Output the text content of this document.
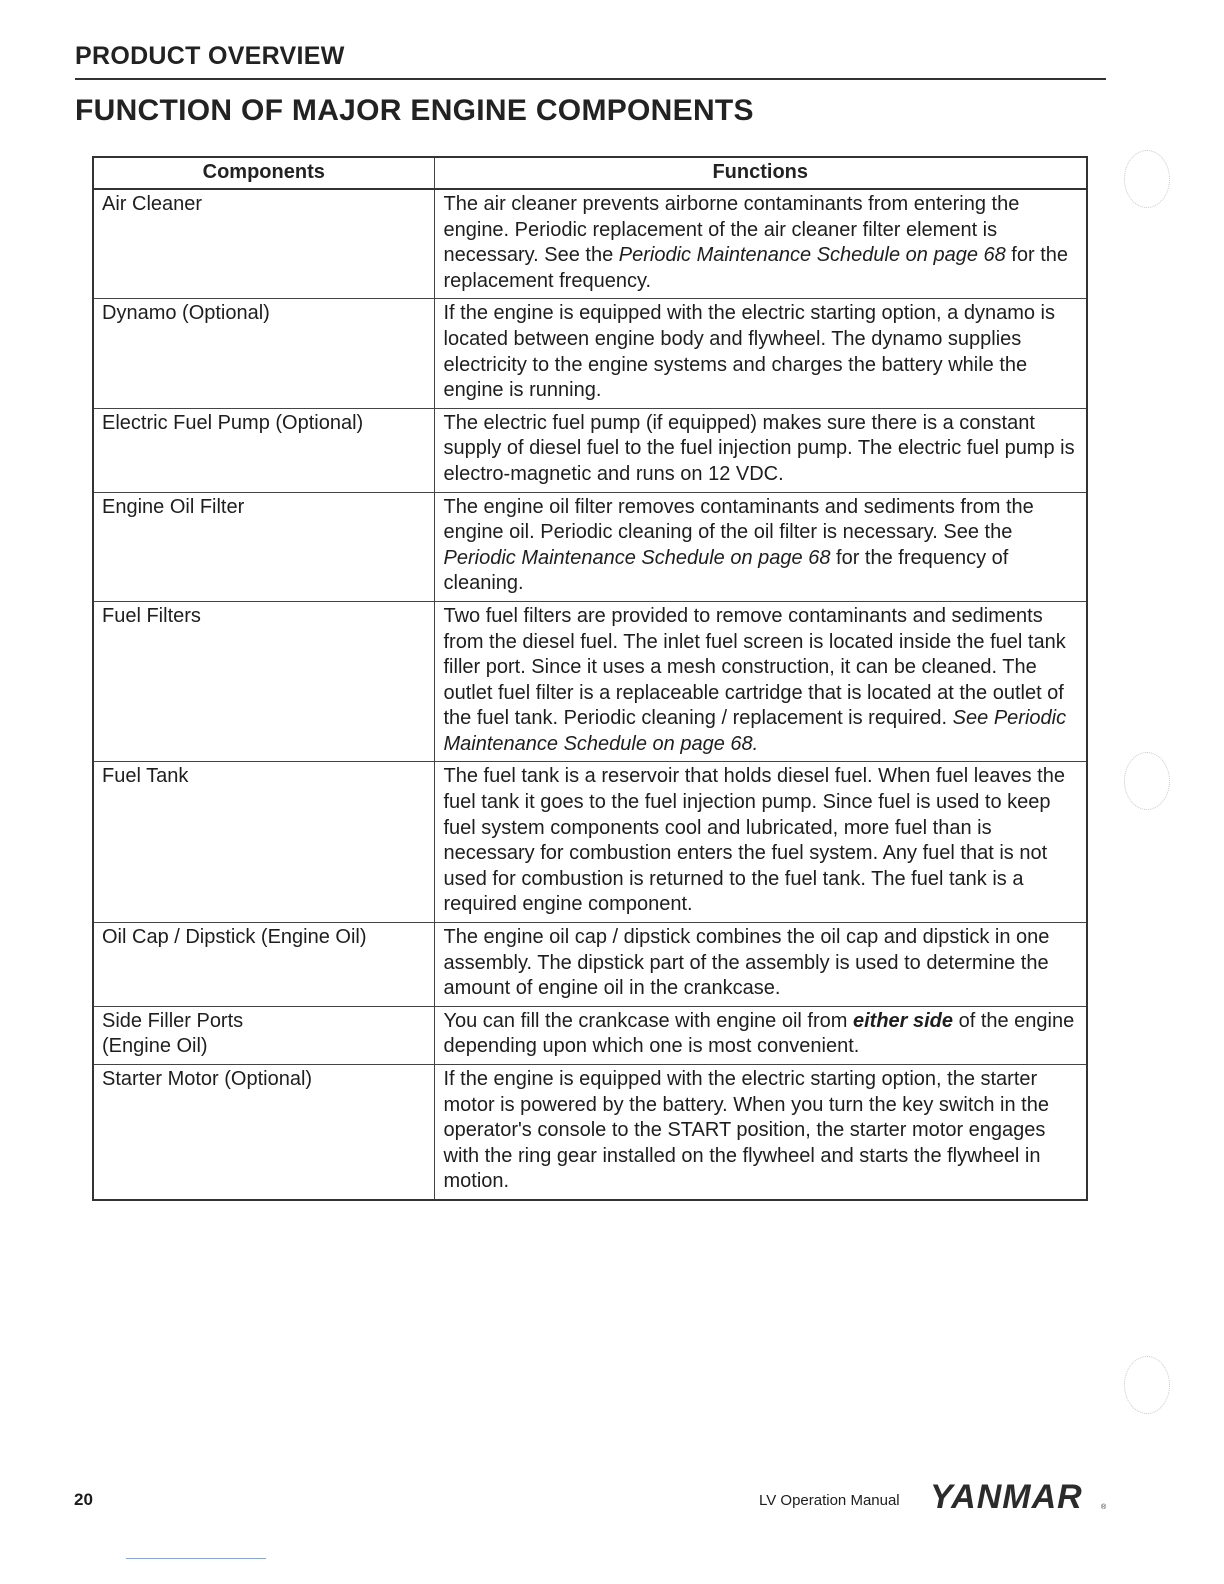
PRODUCT OVERVIEW
FUNCTION OF MAJOR ENGINE COMPONENTS
Components	Functions
Air Cleaner	The air cleaner prevents airborne contaminants from entering the engine. Periodic replacement of the air cleaner filter element is necessary. See the Periodic Maintenance Schedule on page 68 for the replacement frequency.
Dynamo (Optional)	If the engine is equipped with the electric starting option, a dynamo is located between engine body and flywheel. The dynamo supplies electricity to the engine systems and charges the battery while the engine is running.
Electric Fuel Pump (Optional)	The electric fuel pump (if equipped) makes sure there is a constant supply of diesel fuel to the fuel injection pump. The electric fuel pump is electro-magnetic and runs on 12 VDC.
Engine Oil Filter	The engine oil filter removes contaminants and sediments from the engine oil. Periodic cleaning of the oil filter is necessary. See the Periodic Maintenance Schedule on page 68 for the frequency of cleaning.
Fuel Filters	Two fuel filters are provided to remove contaminants and sediments from the diesel fuel. The inlet fuel screen is located inside the fuel tank filler port. Since it uses a mesh construction, it can be cleaned. The outlet fuel filter is a replaceable cartridge that is located at the outlet of the fuel tank. Periodic cleaning / replacement is required. See Periodic Maintenance Schedule on page 68.
Fuel Tank	The fuel tank is a reservoir that holds diesel fuel. When fuel leaves the fuel tank it goes to the fuel injection pump. Since fuel is used to keep fuel system components cool and lubricated, more fuel than is necessary for combustion enters the fuel system. Any fuel that is not used for combustion is returned to the fuel tank. The fuel tank is a required engine component.
Oil Cap / Dipstick (Engine Oil)	The engine oil cap / dipstick combines the oil cap and dipstick in one assembly. The dipstick part of the assembly is used to determine the amount of engine oil in the crankcase.
Side Filler Ports
(Engine Oil)	You can fill the crankcase with engine oil from either side of the engine depending upon which one is most convenient.
Starter Motor (Optional)	If the engine is equipped with the electric starting option, the starter motor is powered by the battery. When you turn the key switch in the operator's console to the START position, the starter motor engages with the ring gear installed on the flywheel and starts the flywheel in motion.
20	LV Operation Manual YANMAR	®
